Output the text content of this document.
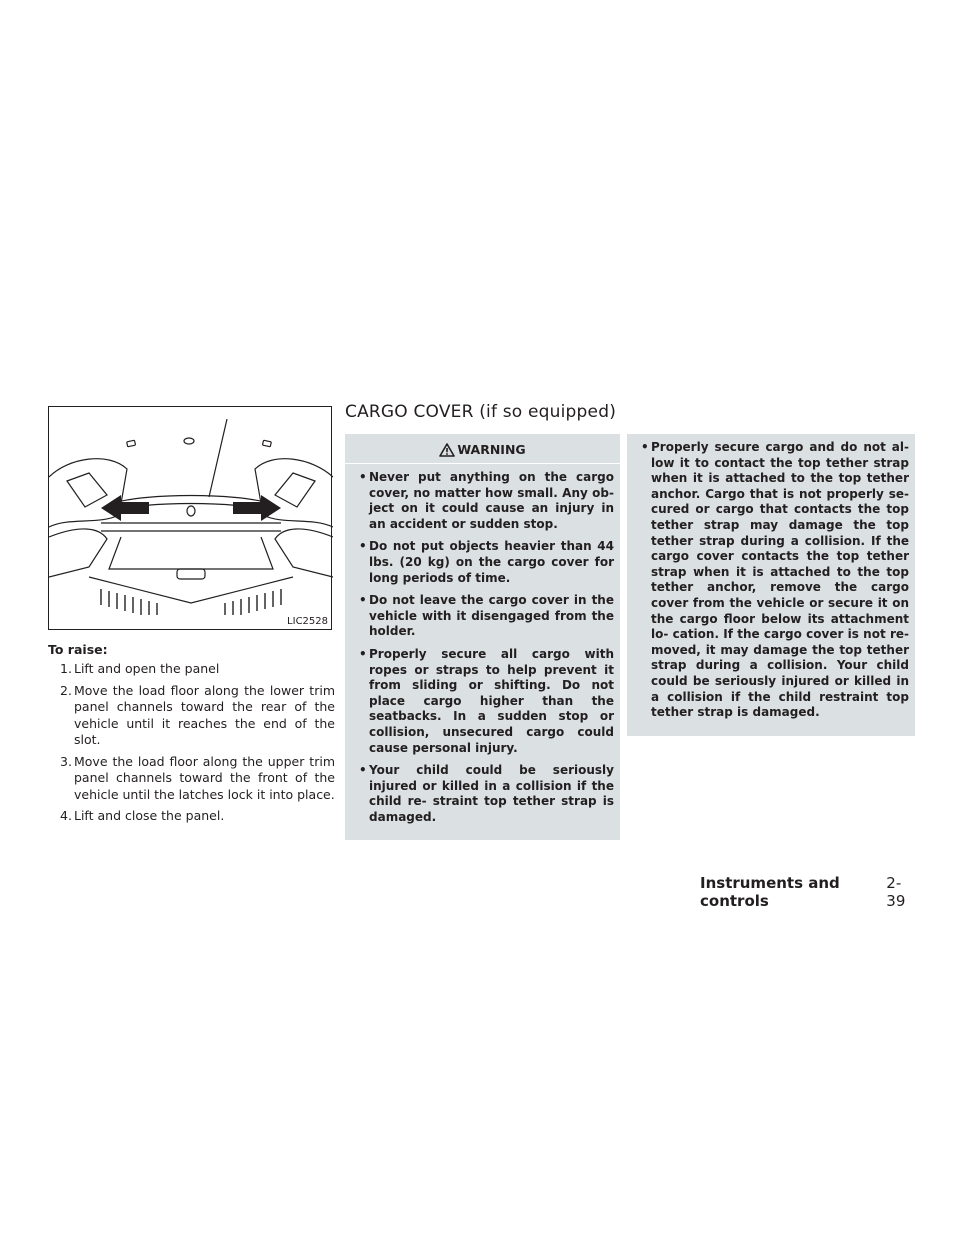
LIC2528
To raise:
1. Lift and open the panel
2. Move the load floor along the lower trim panel channels toward the rear of the vehicle until it reaches the end of the slot.
3. Move the load floor along the upper trim panel channels toward the front of the vehicle until the latches lock it into place.
4. Lift and close the panel.
CARGO COVER (if so equipped)
WARNING
• Never put anything on the cargo cover, no matter how small. Any ob- ject on it could cause an injury in an accident or sudden stop.
• Do not put objects heavier than 44 lbs. (20 kg) on the cargo cover for long periods of time.
• Do not leave the cargo cover in the vehicle with it disengaged from the holder.
• Properly secure all cargo with ropes or straps to help prevent it from sliding or shifting. Do not place cargo higher than the seatbacks. In a sudden stop or collision, unsecured cargo could cause personal injury.
• Your child could be seriously injured or killed in a collision if the child re- straint top tether strap is damaged.
• Properly secure cargo and do not al- low it to contact the top tether strap when it is attached to the top tether anchor. Cargo that is not properly se- cured or cargo that contacts the top tether strap may damage the top tether strap during a collision. If the cargo cover contacts the top tether strap when it is attached to the top tether anchor, remove the cargo cover from the vehicle or secure it on the cargo floor below its attachment lo- cation. If the cargo cover is not re- moved, it may damage the top tether strap during a collision. Your child could be seriously injured or killed in a collision if the child restraint top tether strap is damaged.
Instruments and controls
2-39
